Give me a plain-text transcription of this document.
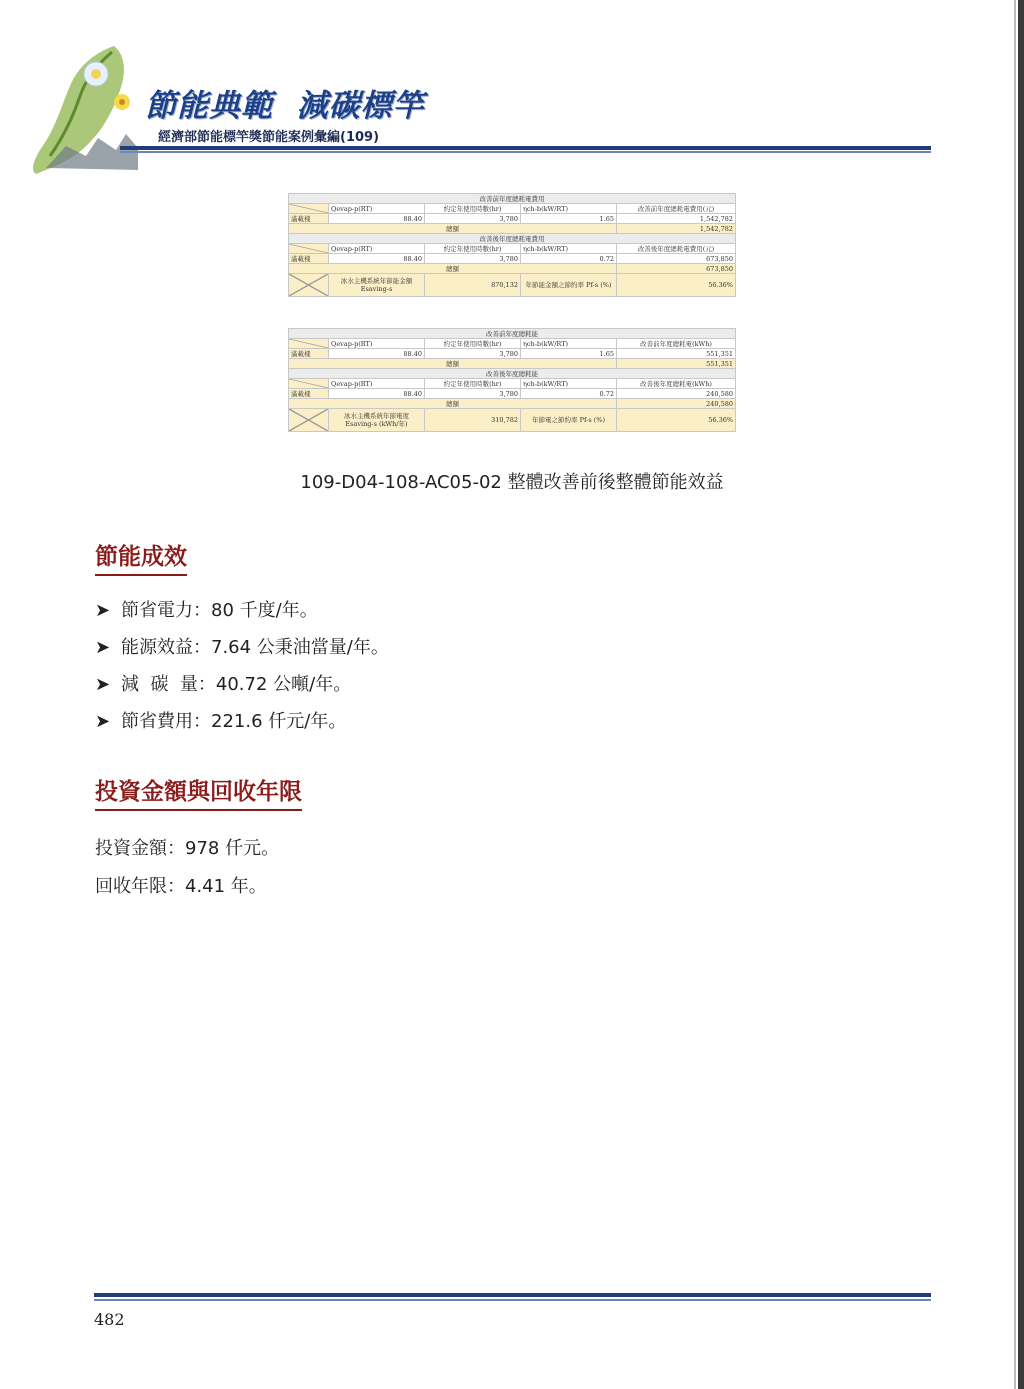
節能典範  減碳標竿
經濟部節能標竿獎節能案例彙編(109)
改善前年度總耗電費用				

	Qevap-p(RT)	約定年使用時數(hr)	ηch-b(kW/RT)	改善前年度總耗電費用(元)
滿載樣	88.40	3,780	1.65	1,542,782
總額				1,542,782
改善後年度總耗電費用				

	Qevap-p(RT)	約定年使用時數(hr)	ηch-b(kW/RT)	改善後年度總耗電費用(元)
滿載樣	88.40	3,780	0.72	673,850
總額				673,850

	冰水主機系統年節能金額 Esaving-s	870,132	年節能金額之節約率 Pf-s (%)	56.36%
改善前年度總耗能				

	Qevap-p(RT)	約定年使用時數(hr)	ηch-b(kW/RT)	改善前年度總耗電(kWh)
滿載樣	88.40	3,780	1.65	551,351
總額				551,351
改善後年度總耗能				

	Qevap-p(RT)	約定年使用時數(hr)	ηch-b(kW/RT)	改善後年度總耗電(kWh)
滿載樣	88.40	3,780	0.72	240,580
總額				240,580

	冰水主機系統年節電度 Esaving-s (kWh/年)	310,782	年節電之節約率 Pf-s (%)	56.36%
109-D04-108-AC05-02 整體改善前後整體節能效益
節能成效
➤ 節省電力：80 千度/年。
➤ 能源效益：7.64 公秉油當量/年。
➤ 減  碳  量：40.72 公噸/年。
➤ 節省費用：221.6 仟元/年。
投資金額與回收年限
投資金額：978 仟元。
回收年限：4.41 年。
482
